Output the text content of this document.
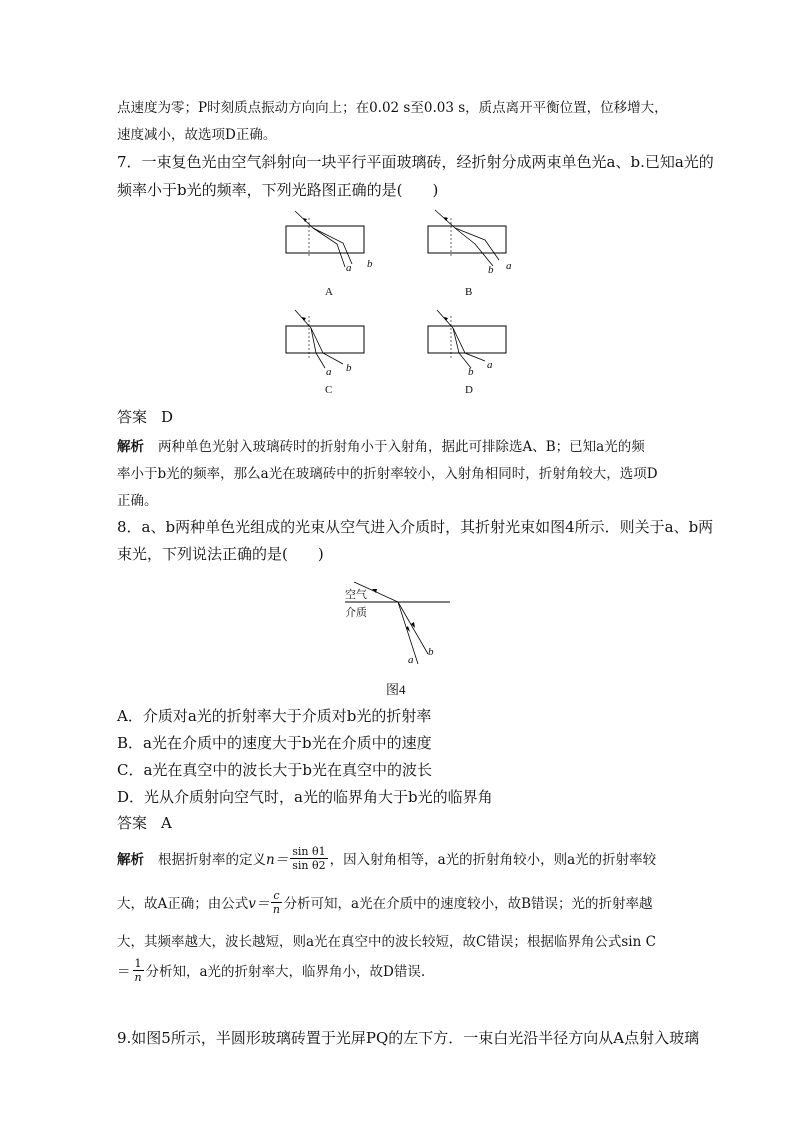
点速度为零；P时刻质点振动方向向上；在0.02 s至0.03 s，质点离开平衡位置，位移增大，
速度减小，故选项D正确。
7．一束复色光由空气斜射向一块平行平面玻璃砖，经折射分成两束单色光a、b.已知a光的
频率小于b光的频率，下列光路图正确的是(　　)
a b
A
b a
B
a b
C
b
a
D
答案 D
解析 两种单色光射入玻璃砖时的折射角小于入射角，据此可排除选A、B；已知a光的频
率小于b光的频率，那么a光在玻璃砖中的折射率较小，入射角相同时，折射角较大，选项D
正确。
8．a、b两种单色光组成的光束从空气进入介质时，其折射光束如图4所示．则关于a、b两
束光，下列说法正确的是(　　)
空气
介质
a
b
图4
A．介质对a光的折射率大于介质对b光的折射率
B．a光在介质中的速度大于b光在介质中的速度
C．a光在真空中的波长大于b光在真空中的波长
D．光从介质射向空气时，a光的临界角大于b光的临界角
答案 A
解析 根据折射率的定义 n＝
sin θ1
sin θ2 ，因入射角相等，a光的折射角较小，则a光的折射率较
大，故A正确；由公式 v＝
c
n 分析可知，a光在介质中的速度较小，故B错误；光的折射率越
大，其频率越大，波长越短，则a光在真空中的波长较短，故C错误；根据临界角公式sin C
＝
1
n 分析知，a光的折射率大，临界角小，故D错误.
9.如图5所示，半圆形玻璃砖置于光屏PQ的左下方．一束白光沿半径方向从A点射入玻璃
